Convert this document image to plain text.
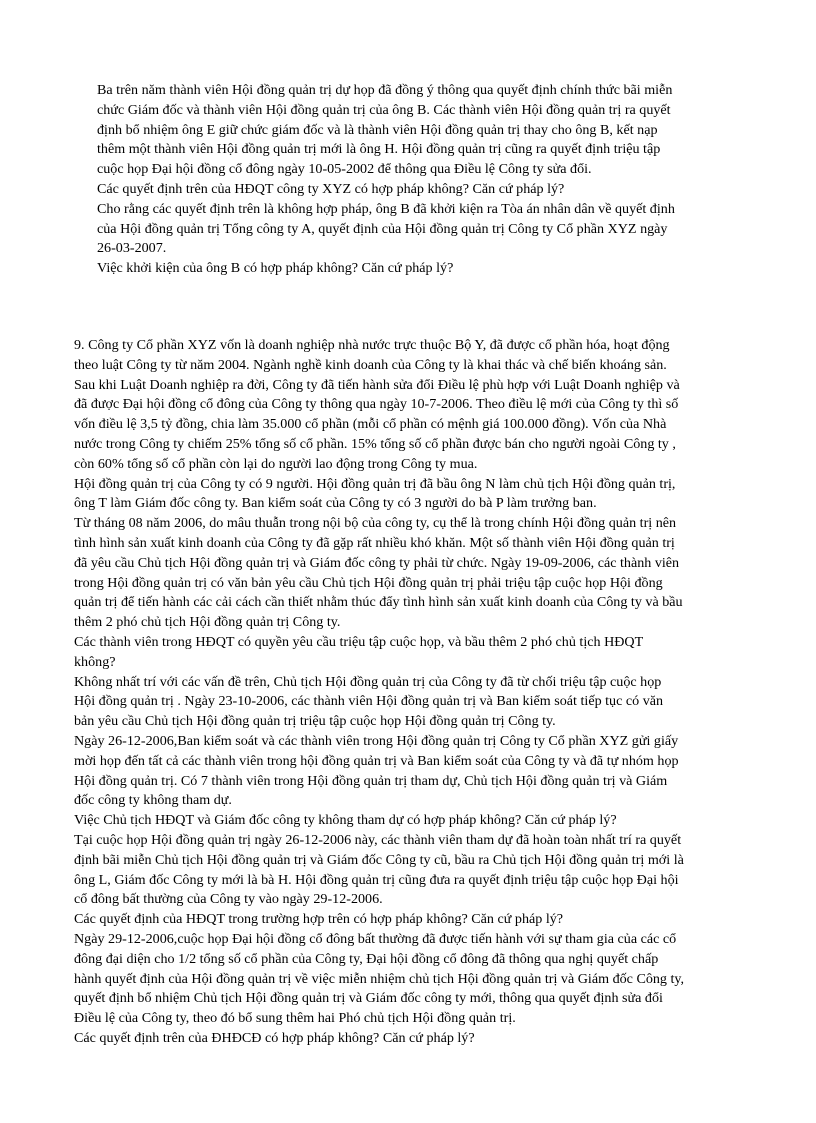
Ba trên năm thành viên Hội đồng quản trị dự họp đã đồng ý thông qua quyết định chính thức bãi miễn
chức Giám đốc và thành viên Hội đồng quản trị của ông B. Các thành viên Hội đồng quản trị ra quyết
định bổ nhiệm ông E giữ chức giám đốc và là thành viên Hội đồng quản trị thay cho ông B, kết nạp
thêm một thành viên Hội đồng quản trị mới là ông H. Hội đồng quản trị cũng ra quyết định triệu tập
cuộc họp Đại hội đồng cổ đông ngày 10-05-2002 để thông qua Điều lệ Công ty sửa đổi.
Các quyết định trên của HĐQT công ty XYZ có hợp pháp không? Căn cứ pháp lý?
Cho rằng các quyết định trên là không hợp pháp, ông B đã khởi kiện ra Tòa án nhân dân về quyết định
của Hội đồng quản trị Tổng công ty A, quyết định của Hội đồng quản trị Công ty Cổ phần XYZ ngày
26-03-2007.
Việc khởi kiện của ông B có hợp pháp không? Căn cứ pháp lý?
9. Công ty Cổ phần XYZ vốn là doanh nghiệp nhà nước trực thuộc Bộ Y, đã được cổ phần hóa, hoạt động
theo luật Công ty từ năm 2004. Ngành nghề kinh doanh của Công ty là khai thác và chế biến khoáng sản.
Sau khi Luật Doanh nghiệp ra đời, Công ty đã tiến hành sửa đổi Điều lệ phù hợp với Luật Doanh nghiệp và
đã được Đại hội đồng cổ đông của Công ty thông qua ngày 10-7-2006. Theo điều lệ mới của Công ty thì số
vốn điều lệ 3,5 tỷ đồng, chia làm 35.000 cổ phần (mỗi cổ phần có mệnh giá 100.000 đồng). Vốn của Nhà
nước trong Công ty chiếm 25% tổng số cổ phần. 15% tổng số cổ phần được bán cho người ngoài Công ty ,
còn 60% tổng số cổ phần còn lại do người lao động trong Công ty mua.
Hội đồng quản trị của Công ty có 9 người. Hội đồng quản trị đã bầu ông N làm chủ tịch Hội đồng quản trị,
ông T làm Giám đốc công ty. Ban kiểm soát của Công ty có 3 người do bà P làm trưởng ban.
Từ tháng 08 năm 2006, do mâu thuẫn trong nội bộ của công ty, cụ thể là trong chính Hội đồng quản trị nên
tình hình sản xuất kinh doanh của Công ty đã gặp rất nhiều khó khăn. Một số thành viên Hội đồng quản trị
đã yêu cầu Chủ tịch Hội đồng quản trị và Giám đốc công ty phải từ chức. Ngày 19-09-2006, các thành viên
trong Hội đồng quản trị có văn bản yêu cầu Chủ tịch Hội đồng quản trị phải triệu tập cuộc họp Hội đồng
quản trị để tiến hành các cải cách cần thiết nhằm thúc đẩy tình hình sản xuất kinh doanh của Công ty và bầu
thêm 2 phó chủ tịch Hội đồng quản trị Công ty.
Các thành viên trong HĐQT có quyền yêu cầu triệu tập cuộc họp, và bầu thêm 2 phó chủ tịch HĐQT
không?
Không nhất trí với các vấn đề trên, Chủ tịch Hội đồng quản trị của Công ty đã từ chối triệu tập cuộc họp
Hội đồng quản trị . Ngày 23-10-2006, các thành viên Hội đồng quản trị và Ban kiểm soát tiếp tục có văn
bản yêu cầu Chủ tịch Hội đồng quản trị triệu tập cuộc họp Hội đồng quản trị Công ty.
Ngày 26-12-2006,Ban kiểm soát và các thành viên trong Hội đồng quản trị Công ty Cổ phần XYZ gửi giấy
mời họp đến tất cả các thành viên trong hội đồng quản trị và Ban kiểm soát của Công ty và đã tự nhóm họp
Hội đồng quản trị. Có 7 thành viên trong Hội đồng quản trị tham dự, Chủ tịch Hội đồng quản trị và Giám
đốc công ty không tham dự.
Việc Chủ tịch HĐQT và Giám đốc công ty không tham dự có hợp pháp không? Căn cứ pháp lý?
Tại cuộc họp Hội đồng quản trị ngày 26-12-2006 này, các thành viên tham dự đã hoàn toàn nhất trí ra quyết
định bãi miễn Chủ tịch Hội đồng quản trị và Giám đốc Công ty cũ, bầu ra Chủ tịch Hội đồng quản trị mới là
ông L, Giám đốc Công ty mới là bà H. Hội đồng quản trị cũng đưa ra quyết định triệu tập cuộc họp Đại hội
cổ đông bất thường của Công ty vào ngày 29-12-2006.
Các quyết định của HĐQT trong trường hợp trên có hợp pháp không? Căn cứ pháp lý?
Ngày 29-12-2006,cuộc họp Đại hội đồng cổ đông bất thường đã được tiến hành với sự tham gia của các cổ
đông đại diện cho 1/2 tổng số cổ phần của Công ty, Đại hội đồng cổ đông đã thông qua nghị quyết chấp
hành quyết định của Hội đồng quản trị về việc miễn nhiệm chủ tịch Hội đồng quản trị và Giám đốc Công ty,
quyết định bổ nhiệm Chủ tịch Hội đồng quản trị và Giám đốc công ty mới, thông qua quyết định sửa đổi
Điều lệ của Công ty, theo đó bổ sung thêm hai Phó chủ tịch Hội đồng quản trị.
Các quyết định trên của ĐHĐCĐ có hợp pháp không? Căn cứ pháp lý?
